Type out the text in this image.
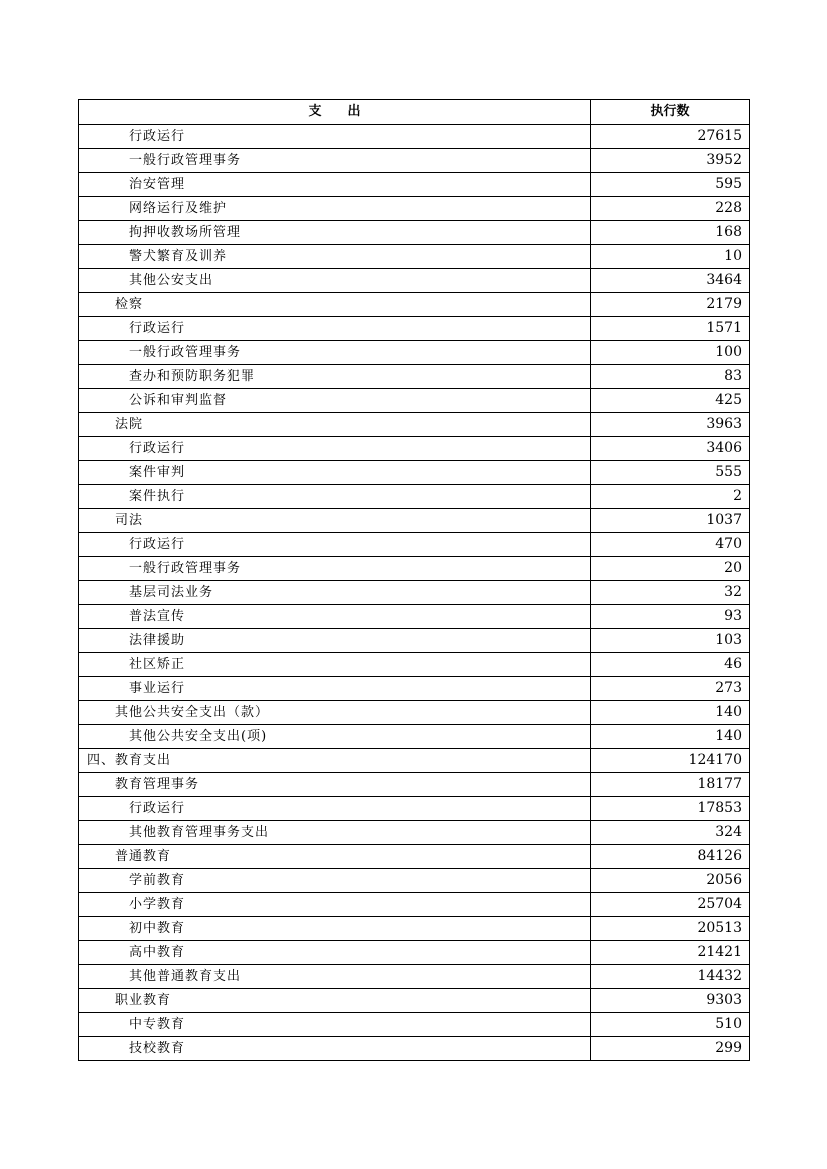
支　　出	执行数
行政运行	27615
一般行政管理事务	3952
治安管理	595
网络运行及维护	228
拘押收教场所管理	168
警犬繁育及训养	10
其他公安支出	3464
检察	2179
行政运行	1571
一般行政管理事务	100
查办和预防职务犯罪	83
公诉和审判监督	425
法院	3963
行政运行	3406
案件审判	555
案件执行	2
司法	1037
行政运行	470
一般行政管理事务	20
基层司法业务	32
普法宣传	93
法律援助	103
社区矫正	46
事业运行	273
其他公共安全支出（款）	140
其他公共安全支出(项)	140
四、教育支出	124170
教育管理事务	18177
行政运行	17853
其他教育管理事务支出	324
普通教育	84126
学前教育	2056
小学教育	25704
初中教育	20513
高中教育	21421
其他普通教育支出	14432
职业教育	9303
中专教育	510
技校教育	299
